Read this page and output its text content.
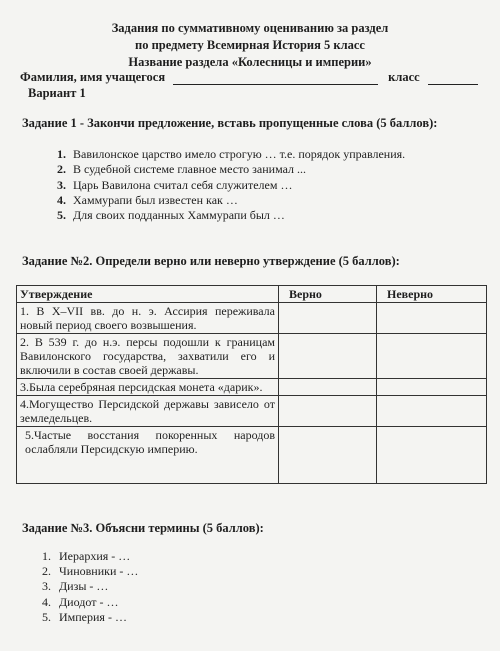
Задания по суммативному оцениванию за раздел
по предмету Всемирная История 5 класс
Название раздела «Колесницы и империи»
Фамилия, имя учащегося	класс
Вариант 1
Задание 1 - Закончи предложение, вставь пропущенные слова (5 баллов):
1. Вавилонское царство имело строгую … т.е. порядок управления.
2. В судебной системе главное место занимал ...
3. Царь Вавилона считал себя служителем …
4. Хаммурапи был известен как …
5. Для своих подданных Хаммурапи был …
Задание №2. Определи верно или неверно утверждение (5 баллов):
Утверждение	Верно	Неверно
1. В X–VII вв. до н. э. Ассирия переживала новый период своего возвышения.		
2. В 539 г. до н.э. персы подошли к границам Вавилонского государства, захватили его и включили в состав своей державы.		
3.Была серебряная персидская монета «дарик».		
4.Могущество Персидской державы зависело от земледельцев.		
5.Частые восстания покоренных народов ослабляли Персидскую империю.		
Задание №3. Объясни термины (5 баллов):
1. Иерархия - …
2. Чиновники - …
3. Дизы - …
4. Диодот - …
5. Империя - …
